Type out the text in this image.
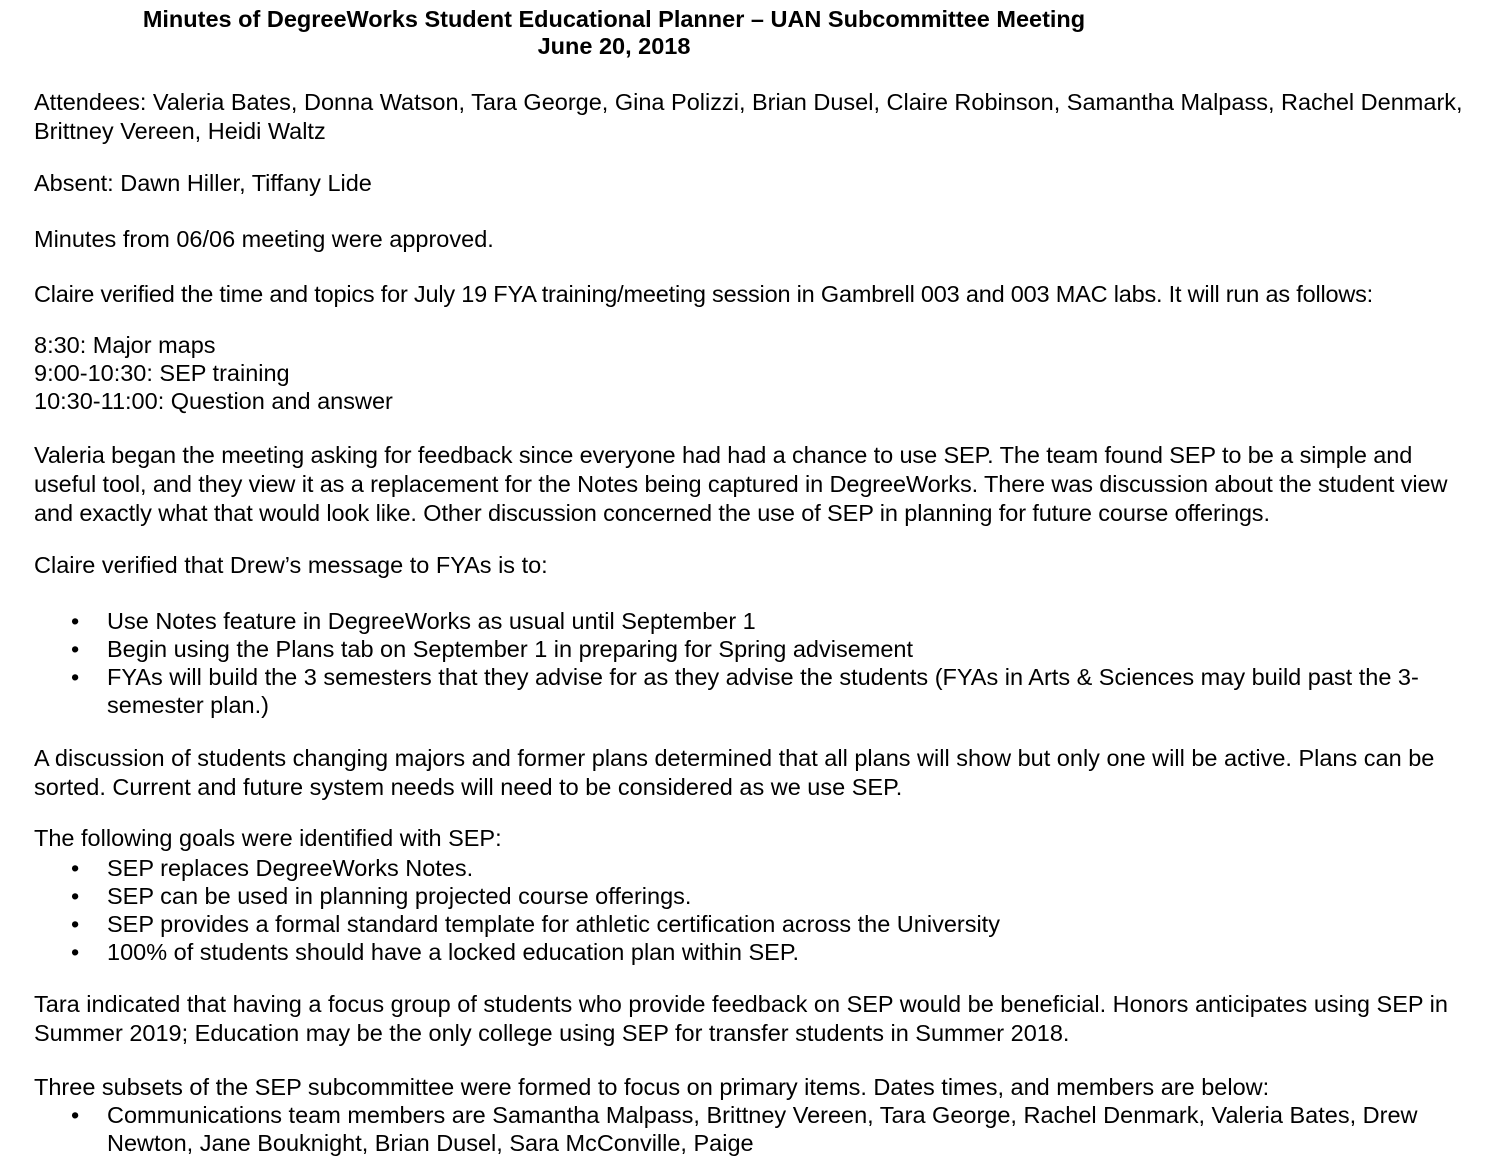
Minutes of DegreeWorks Student Educational Planner – UAN Subcommittee Meeting
June 20, 2018
Attendees: Valeria Bates, Donna Watson, Tara George, Gina Polizzi, Brian Dusel, Claire Robinson, Samantha Malpass, Rachel Denmark, Brittney Vereen, Heidi Waltz
Absent: Dawn Hiller, Tiffany Lide
Minutes from 06/06 meeting were approved.
Claire verified the time and topics for July 19 FYA training/meeting session in Gambrell 003 and 003 MAC labs. It will run as follows:
8:30: Major maps
9:00-10:30: SEP training
10:30-11:00: Question and answer
Valeria began the meeting asking for feedback since everyone had had a chance to use SEP. The team found SEP to be a simple and useful tool, and they view it as a replacement for the Notes being captured in DegreeWorks. There was discussion about the student view and exactly what that would look like. Other discussion concerned the use of SEP in planning for future course offerings.
Claire verified that Drew’s message to FYAs is to:
• Use Notes feature in DegreeWorks as usual until September 1
• Begin using the Plans tab on September 1 in preparing for Spring advisement
• FYAs will build the 3 semesters that they advise for as they advise the students (FYAs in Arts & Sciences may build past the 3-semester plan.)
A discussion of students changing majors and former plans determined that all plans will show but only one will be active. Plans can be sorted. Current and future system needs will need to be considered as we use SEP.
The following goals were identified with SEP:
• SEP replaces DegreeWorks Notes.
• SEP can be used in planning projected course offerings.
• SEP provides a formal standard template for athletic certification across the University
• 100% of students should have a locked education plan within SEP.
Tara indicated that having a focus group of students who provide feedback on SEP would be beneficial. Honors anticipates using SEP in Summer 2019; Education may be the only college using SEP for transfer students in Summer 2018.
Three subsets of the SEP subcommittee were formed to focus on primary items. Dates times, and members are below:
• Communications team members are Samantha Malpass, Brittney Vereen, Tara George, Rachel Denmark, Valeria Bates, Drew Newton, Jane Bouknight, Brian Dusel, Sara McConville, Paige
